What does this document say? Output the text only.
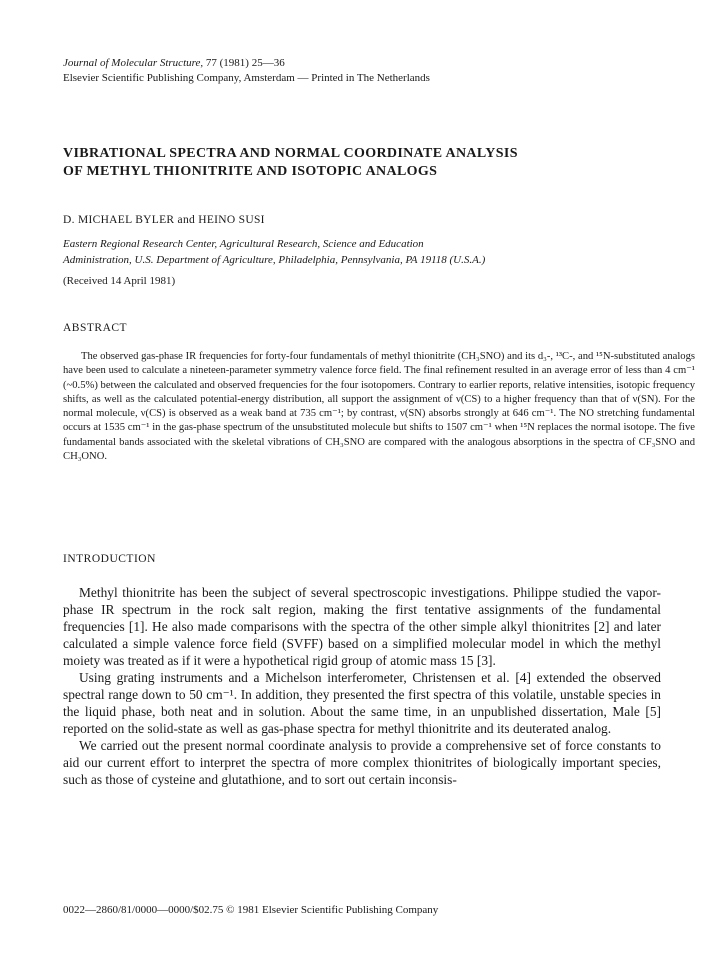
Journal of Molecular Structure, 77 (1981) 25—36
Elsevier Scientific Publishing Company, Amsterdam — Printed in The Netherlands
VIBRATIONAL SPECTRA AND NORMAL COORDINATE ANALYSIS
OF METHYL THIONITRITE AND ISOTOPIC ANALOGS
D. MICHAEL BYLER and HEINO SUSI
Eastern Regional Research Center, Agricultural Research, Science and Education
Administration, U.S. Department of Agriculture, Philadelphia, Pennsylvania, PA 19118 (U.S.A.)
(Received 14 April 1981)
ABSTRACT

The observed gas-phase IR frequencies for forty-four fundamentals of methyl thionitrite (CH₃SNO) and its d₃-, ¹³C-, and ¹⁵N-substituted analogs have been used to calculate a nineteen-parameter symmetry valence force field. The final refinement resulted in an average error of less than 4 cm⁻¹ (~0.5%) between the calculated and observed frequencies for the four isotopomers. Contrary to earlier reports, relative intensities, isotopic frequency shifts, as well as the calculated potential-energy distribution, all support the assignment of ν(CS) to a higher frequency than that of ν(SN). For the normal molecule, ν(CS) is observed as a weak band at 735 cm⁻¹; by contrast, ν(SN) absorbs strongly at 646 cm⁻¹. The NO stretching fundamental occurs at 1535 cm⁻¹ in the gas-phase spectrum of the unsubstituted molecule but shifts to 1507 cm⁻¹ when ¹⁵N replaces the normal isotope. The five fundamental bands associated with the skeletal vibrations of CH₃SNO are compared with the analogous absorptions in the spectra of CF₃SNO and CH₃ONO.

INTRODUCTION

Methyl thionitrite has been the subject of several spectroscopic investigations. Philippe studied the vapor-phase IR spectrum in the rock salt region, making the first tentative assignments of the fundamental frequencies [1]. He also made comparisons with the spectra of the other simple alkyl thionitrites [2] and later calculated a simple valence force field (SVFF) based on a simplified molecular model in which the methyl moiety was treated as if it were a hypothetical rigid group of atomic mass 15 [3].

Using grating instruments and a Michelson interferometer, Christensen et al. [4] extended the observed spectral range down to 50 cm⁻¹. In addition, they presented the first spectra of this volatile, unstable species in the liquid phase, both neat and in solution. About the same time, in an unpublished dissertation, Male [5] reported on the solid-state as well as gas-phase spectra for methyl thionitrite and its deuterated analog.

We carried out the present normal coordinate analysis to provide a comprehensive set of force constants to aid our current effort to interpret the spectra of more complex thionitrites of biologically important species, such as those of cysteine and glutathione, and to sort out certain inconsis-

0022—2860/81/0000—0000/$02.75 © 1981 Elsevier Scientific Publishing Company
